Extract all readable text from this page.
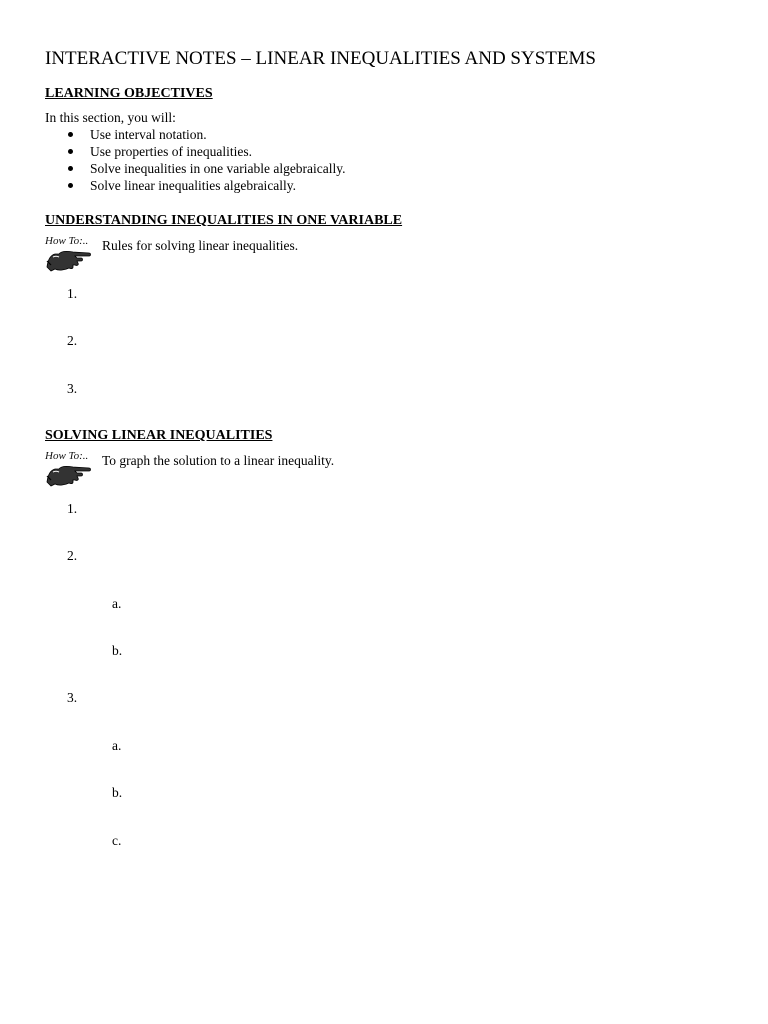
INTERACTIVE NOTES – LINEAR INEQUALITIES AND SYSTEMS
LEARNING OBJECTIVES
In this section, you will:
Use interval notation.
Use properties of inequalities.
Solve inequalities in one variable algebraically.
Solve linear inequalities algebraically.
UNDERSTANDING INEQUALITIES IN ONE VARIABLE
How To:.. Rules for solving linear inequalities.
1.
2.
3.
SOLVING LINEAR INEQUALITIES
How To:.. To graph the solution to a linear inequality.
1.
2.
a.
b.
3.
a.
b.
c.
